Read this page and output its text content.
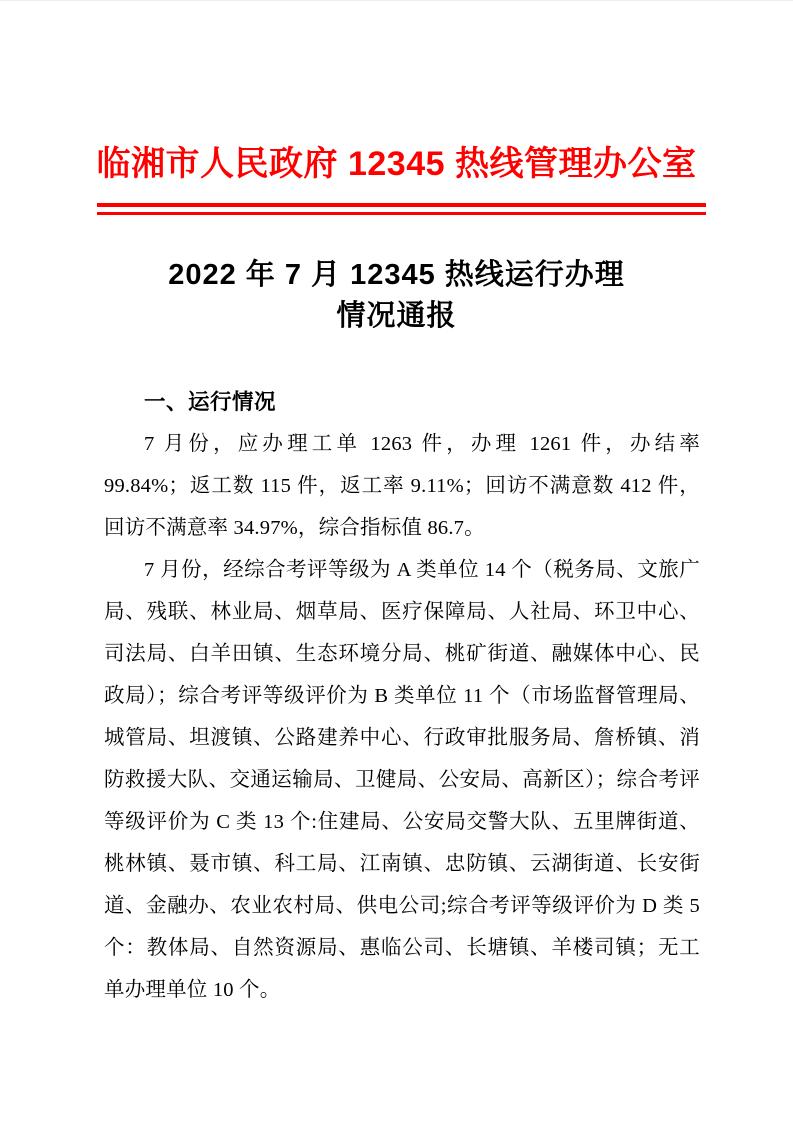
临湘市人民政府 12345 热线管理办公室
2022 年 7 月 12345 热线运行办理
情况通报
一、运行情况

7 月份，应办理工单 1263 件，办理 1261 件，办结率 99.84%；返工数 115 件，返工率 9.11%；回访不满意数 412 件，回访不满意率 34.97%，综合指标值 86.7。

7 月份，经综合考评等级为 A 类单位 14 个（税务局、文旅广局、残联、林业局、烟草局、医疗保障局、人社局、环卫中心、司法局、白羊田镇、生态环境分局、桃矿街道、融媒体中心、民政局）；综合考评等级评价为 B 类单位 11 个（市场监督管理局、城管局、坦渡镇、公路建养中心、行政审批服务局、詹桥镇、消防救援大队、交通运输局、卫健局、公安局、高新区）；综合考评等级评价为 C 类 13 个:住建局、公安局交警大队、五里牌街道、桃林镇、聂市镇、科工局、江南镇、忠防镇、云湖街道、长安街道、金融办、农业农村局、供电公司;综合考评等级评价为 D 类 5 个：教体局、自然资源局、惠临公司、长塘镇、羊楼司镇；无工单办理单位 10 个。
